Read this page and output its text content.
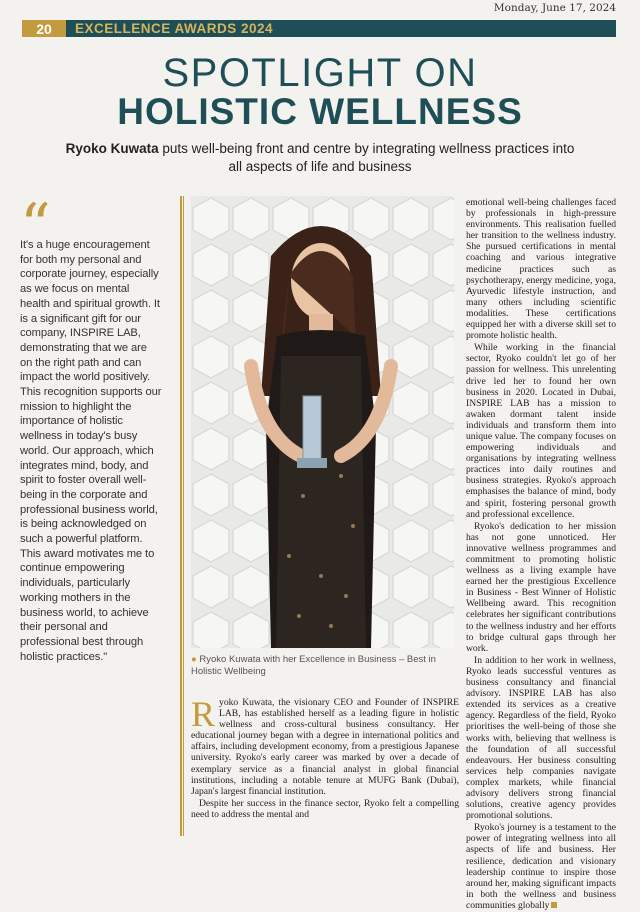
Monday, June 17, 2024
20	EXCELLENCE AWARDS 2024
SPOTLIGHT ON
HOLISTIC WELLNESS
Ryoko Kuwata puts well-being front and centre by integrating wellness practices into all aspects of life and business
“
It's a huge encouragement for both my personal and corporate journey, especially as we focus on mental health and spiritual growth. It is a significant gift for our company, INSPIRE LAB, demonstrating that we are on the right path and can impact the world positively. This recognition supports our mission to highlight the importance of holistic wellness in today's busy world. Our approach, which integrates mind, body, and spirit to foster overall well-being in the corporate and professional business world, is being acknowledged on such a powerful platform. This award motivates me to continue empowering individuals, particularly working mothers in the business world, to achieve their personal and professional best through holistic practices."	● Ryoko Kuwata with her Excellence in Business – Best in Holistic Wellbeing

Ryoko Kuwata, the visionary CEO and Founder of INSPIRE LAB, has established herself as a leading figure in holistic wellness and cross-cultural business consultancy. Her educational journey began with a degree in international politics and affairs, including development economy, from a prestigious Japanese university. Ryoko's early career was marked by over a decade of exemplary service as a financial analyst in global financial institutions, including a notable tenure at MUFG Bank (Dubai), Japan's largest financial institution.

Despite her success in the finance sector, Ryoko felt a compelling need to address the mental and

emotional well-being challenges faced by professionals in high-pressure environments. This realisation fuelled her transition to the wellness industry. She pursued certifications in mental coaching and various integrative medicine practices such as psychotherapy, energy medicine, yoga, Ayurvedic lifestyle instruction, and many others including scientific modalities. These certifications equipped her with a diverse skill set to promote holistic health.

While working in the financial sector, Ryoko couldn't let go of her passion for wellness. This unrelenting drive led her to found her own business in 2020. Located in Dubai, INSPIRE LAB has a mission to awaken dormant talent inside individuals and transform them into unique value. The company focuses on empowering individuals and organisations by integrating wellness practices into daily routines and business strategies. Ryoko's approach emphasises the balance of mind, body and spirit, fostering personal growth and professional excellence.

Ryoko's dedication to her mission has not gone unnoticed. Her innovative wellness programmes and commitment to promoting holistic wellness as a living example have earned her the prestigious Excellence in Business - Best Winner of Holistic Wellbeing award. This recognition celebrates her significant contributions to the wellness industry and her efforts to bridge cultural gaps through her work.

In addition to her work in wellness, Ryoko leads successful ventures as business consultancy and financial advisory. INSPIRE LAB has also extended its services as a creative agency. Regardless of the field, Ryoko prioritises the well-being of those she works with, believing that wellness is the foundation of all successful endeavours. Her business consulting services help companies navigate complex markets, while financial advisory delivers strong financial solutions, creative agency provides promotional solutions.

Ryoko's journey is a testament to the power of integrating wellness into all aspects of life and business. Her resilience, dedication and visionary leadership continue to inspire those around her, making significant impacts in both the wellness and business communities globally
